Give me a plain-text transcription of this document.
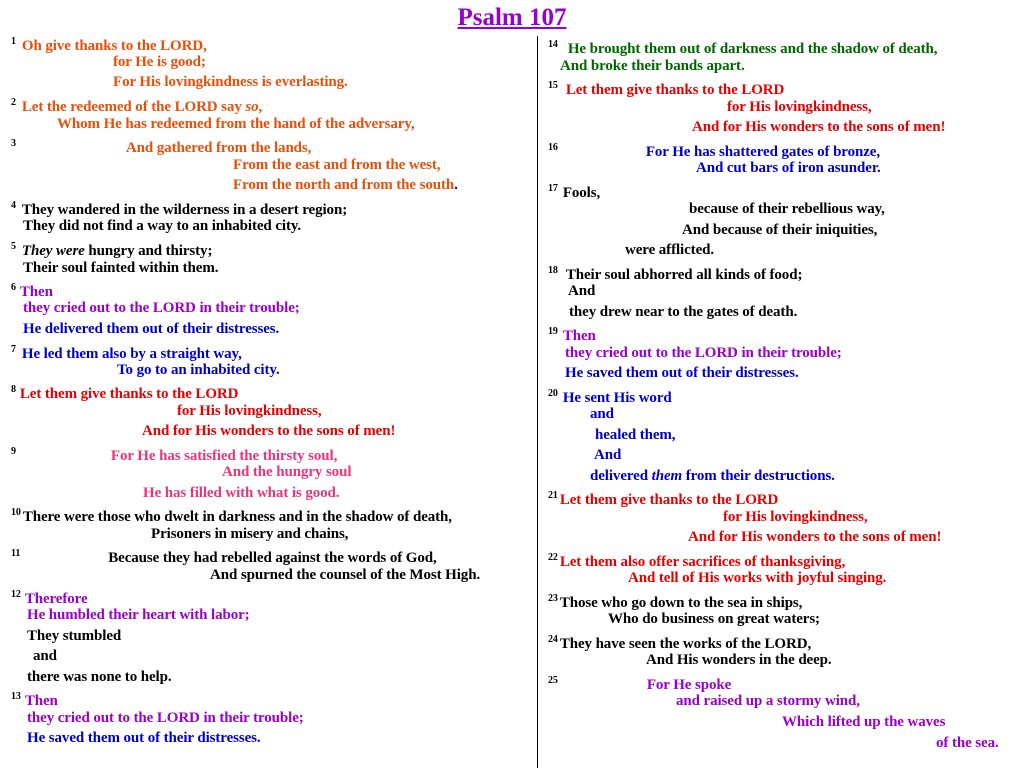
Psalm 107
$^1$ Oh give thanks to the LORD,
for He is good;
For His lovingkindness is everlasting.
$^2$ Let the redeemed of the LORD say so,
Whom He has redeemed from the hand of the adversary,
$^3$	And gathered from the lands,
From the east and from the west,
From the north and from the south.
$^4$ They wandered in the wilderness in a desert region;
They did not find a way to an inhabited city.
$^5$ They were hungry and thirsty;
Their soul fainted within them.
$^6$ Then
they cried out to the LORD in their trouble;
He delivered them out of their distresses.
$^7$ He led them also by a straight way,
To go to an inhabited city.
$^8$ Let them give thanks to the LORD
for His lovingkindness,
And for His wonders to the sons of men!
$^9$	For He has satisfied the thirsty soul,
And the hungry soul
He has filled with what is good.
$^{10}$ There were those who dwelt in darkness and in the shadow of death,
Prisoners in misery and chains,
$^{11}$	Because they had rebelled against the words of God,
And spurned the counsel of the Most High.
$^{12}$ Therefore
He humbled their heart with labor;
They stumbled
and
there was none to help.
$^{13}$ Then
they cried out to the LORD in their trouble;
He saved them out of their distresses.
$^{14}$ He brought them out of darkness and the shadow of death,
And broke their bands apart.
$^{15}$ Let them give thanks to the LORD
for His lovingkindness,
And for His wonders to the sons of men!
$^{16}$	For He has shattered gates of bronze,
And cut bars of iron asunder.
$^{17}$ Fools,
because of their rebellious way,
And because of their iniquities,
were afflicted.
$^{18}$ Their soul abhorred all kinds of food;
And
they drew near to the gates of death.
$^{19}$ Then
they cried out to the LORD in their trouble;
He saved them out of their distresses.
$^{20}$ He sent His word
and
healed them,
And
delivered them from their destructions.
$^{21}$ Let them give thanks to the LORD
for His lovingkindness,
And for His wonders to the sons of men!
$^{22}$ Let them also offer sacrifices of thanksgiving,
And tell of His works with joyful singing.
$^{23}$ Those who go down to the sea in ships,
Who do business on great waters;
$^{24}$ They have seen the works of the LORD,
And His wonders in the deep.
$^{25}$	For He spoke
and raised up a stormy wind,
Which lifted up the waves
of the sea.
